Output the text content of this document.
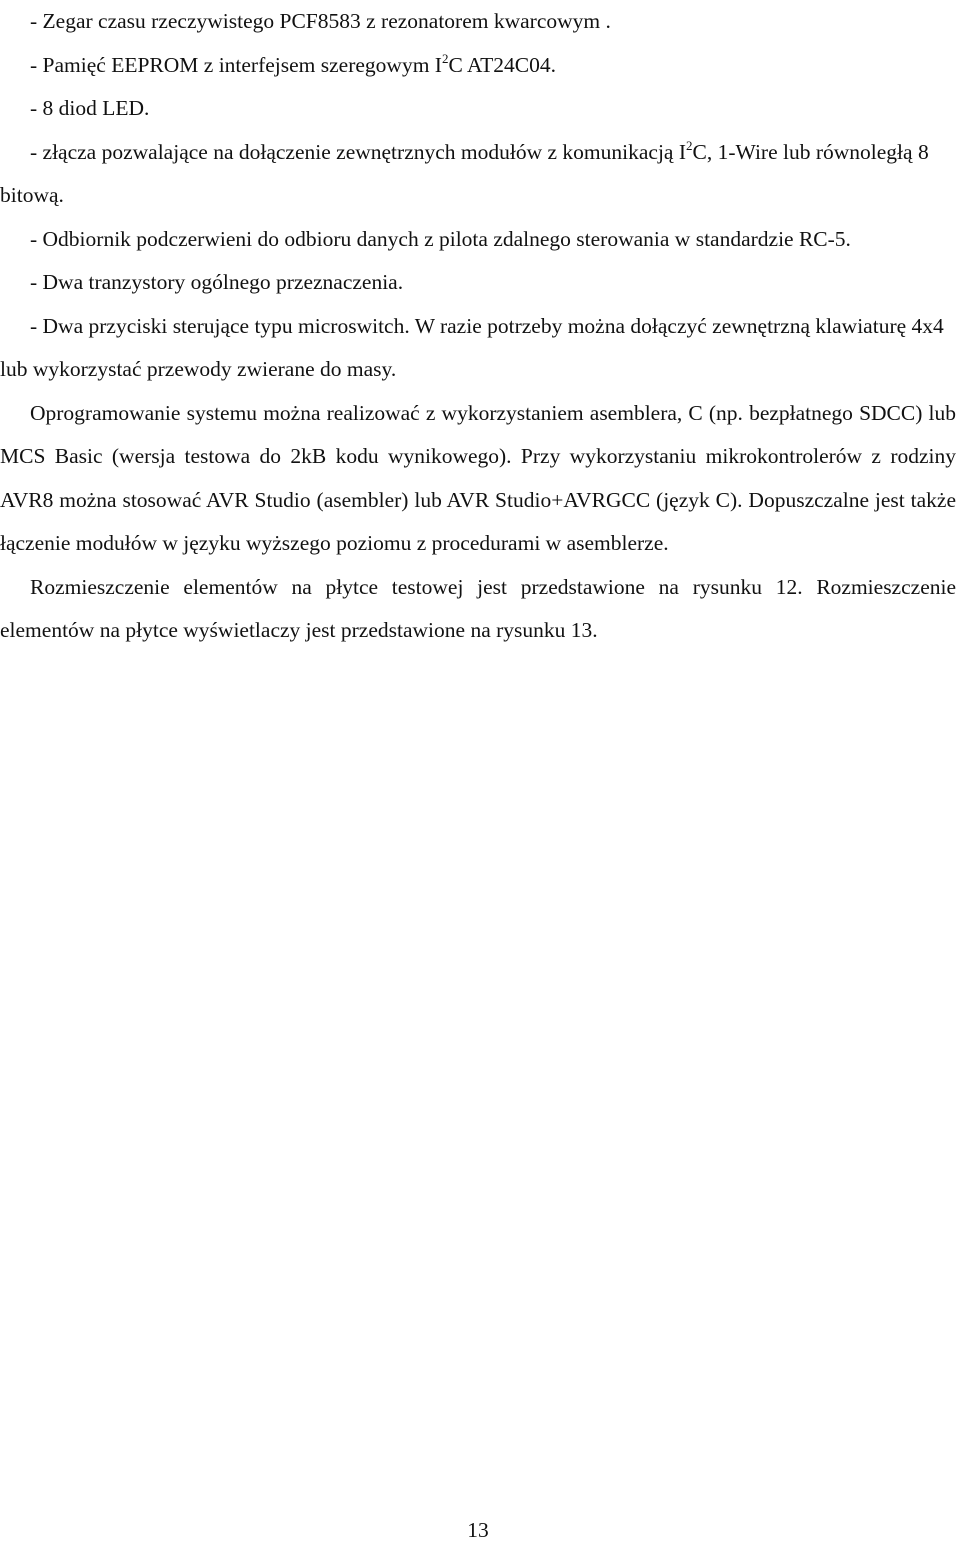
- Zegar czasu rzeczywistego PCF8583 z rezonatorem kwarcowym .

- Pamięć EEPROM z interfejsem szeregowym $I^2C$ AT24C04.

- 8 diod LED.

- złącza pozwalające na dołączenie zewnętrznych modułów z komunikacją $I^2C$, 1-Wire lub równoległą 8 bitową.

- Odbiornik podczerwieni do odbioru danych z pilota zdalnego sterowania w standardzie RC-5.

- Dwa tranzystory ogólnego przeznaczenia.

- Dwa przyciski sterujące typu microswitch. W razie potrzeby można dołączyć zewnętrzną klawiaturę 4x4 lub wykorzystać przewody zwierane do masy.

Oprogramowanie systemu można realizować z wykorzystaniem asemblera, C (np. bezpłatnego SDCC) lub MCS Basic (wersja testowa do 2kB kodu wynikowego). Przy wykorzystaniu mikrokontrolerów z rodziny AVR8 można stosować AVR Studio (asembler) lub AVR Studio+AVRGCC (język C). Dopuszczalne jest także łączenie modułów w języku wyższego poziomu z procedurami w asemblerze.

Rozmieszczenie elementów na płytce testowej jest przedstawione na rysunku 12. Rozmieszczenie elementów na płytce wyświetlaczy jest przedstawione na rysunku 13.

13
